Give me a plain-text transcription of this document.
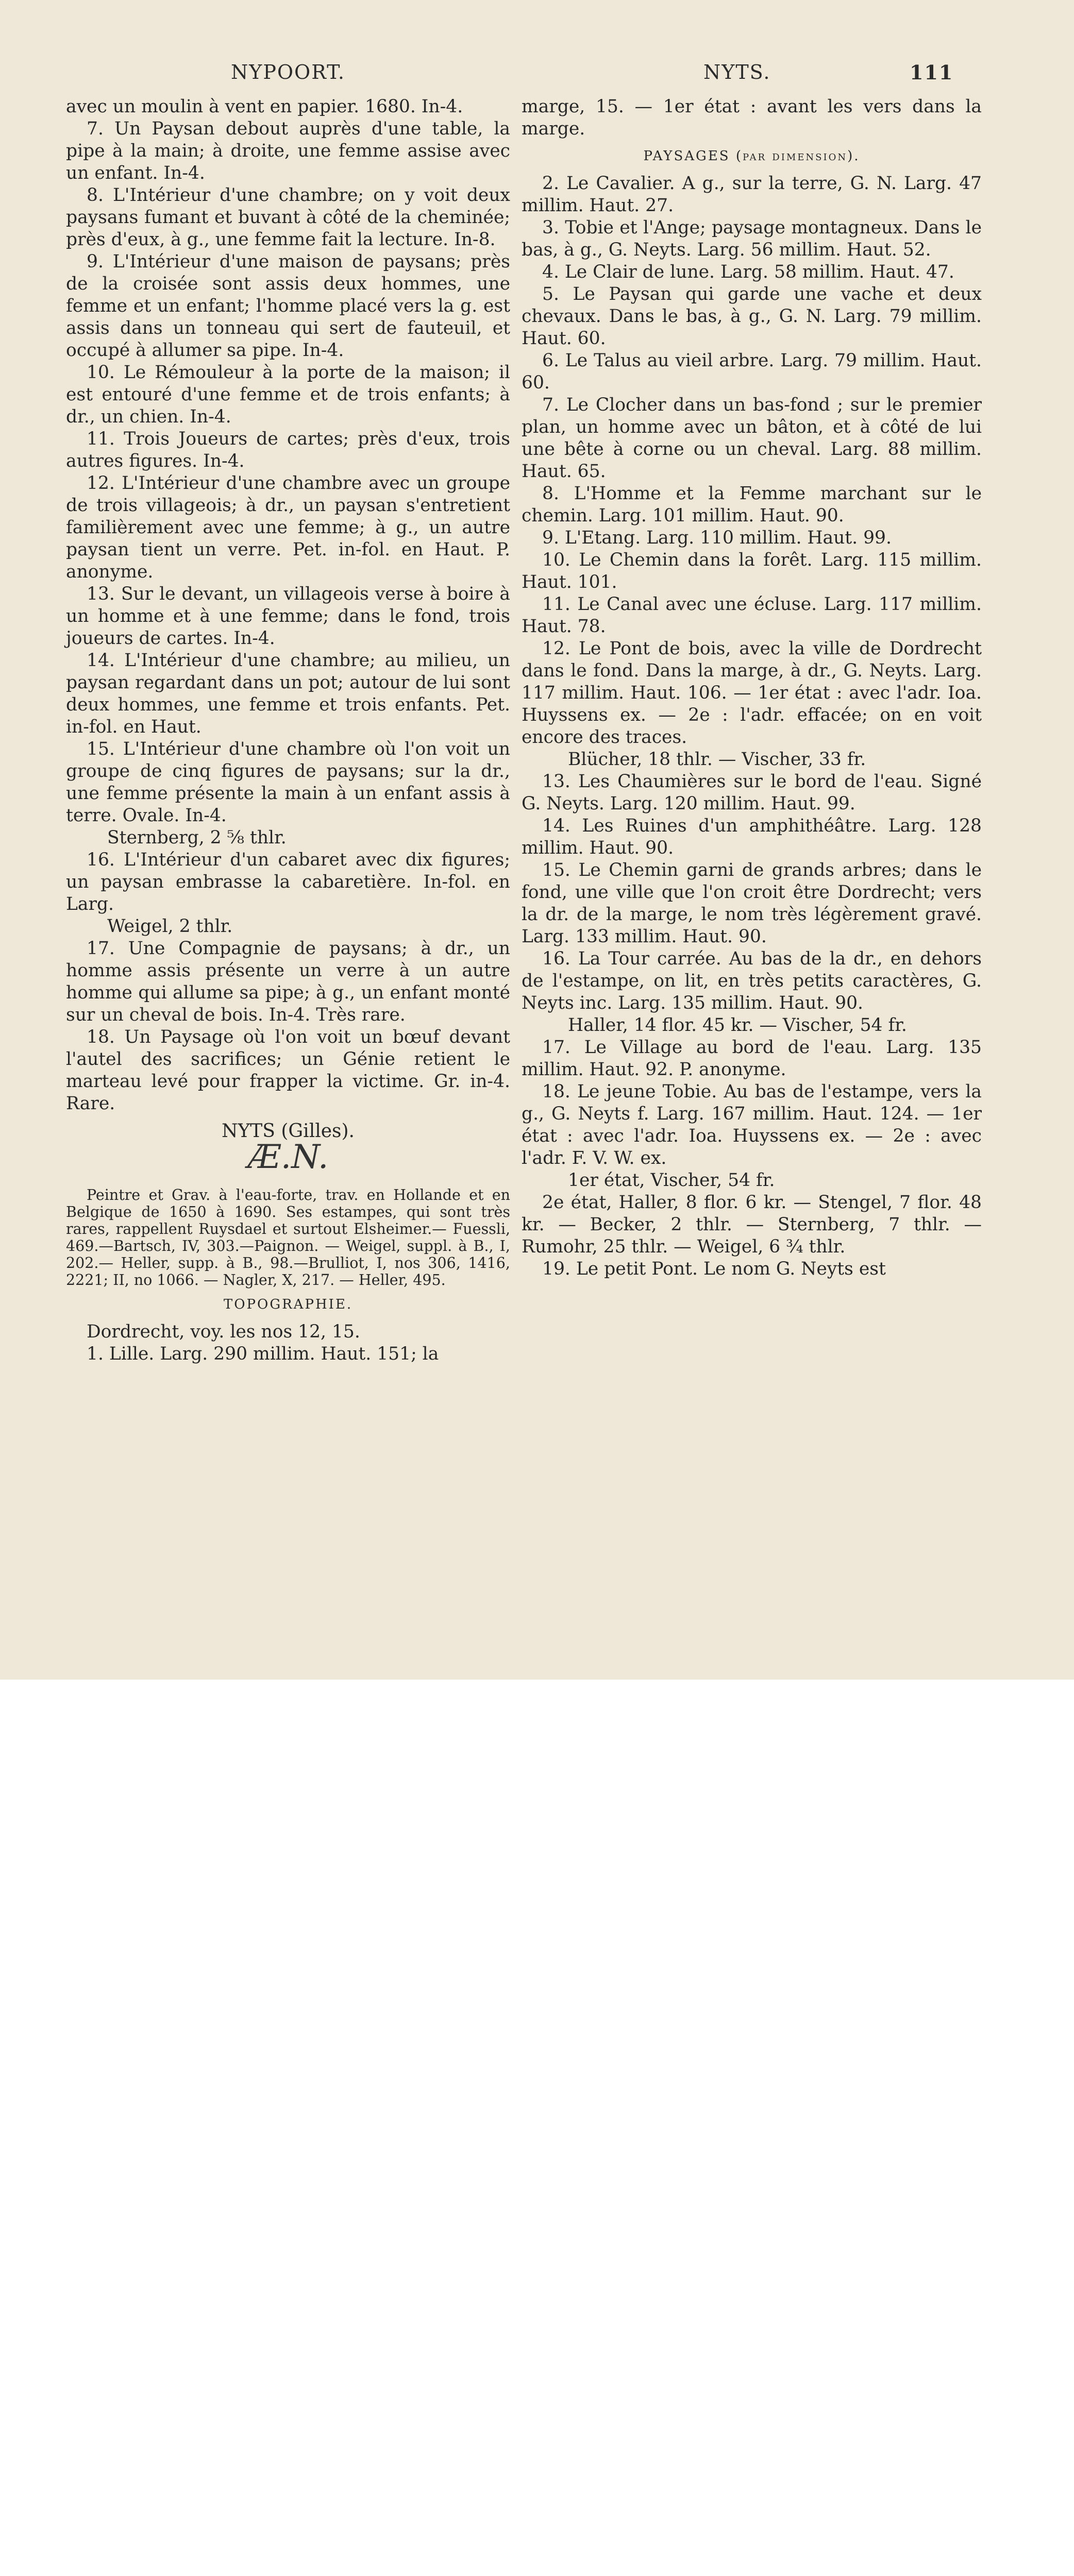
NYPOORT.	NYTS.	111

avec un moulin à vent en papier. 1680. In-4.

7. Un Paysan debout auprès d'une table, la pipe à la main; à droite, une femme assise avec un enfant. In-4.

8. L'Intérieur d'une chambre; on y voit deux paysans fumant et buvant à côté de la cheminée; près d'eux, à g., une femme fait la lecture. In-8.

9. L'Intérieur d'une maison de paysans; près de la croisée sont assis deux hommes, une femme et un enfant; l'homme placé vers la g. est assis dans un tonneau qui sert de fauteuil, et occupé à allumer sa pipe. In-4.

10. Le Rémouleur à la porte de la maison; il est entouré d'une femme et de trois enfants; à dr., un chien. In-4.

11. Trois Joueurs de cartes; près d'eux, trois autres figures. In-4.

12. L'Intérieur d'une chambre avec un groupe de trois villageois; à dr., un paysan s'entretient familièrement avec une femme; à g., un autre paysan tient un verre. Pet. in-fol. en Haut. P. anonyme.

13. Sur le devant, un villageois verse à boire à un homme et à une femme; dans le fond, trois joueurs de cartes. In-4.

14. L'Intérieur d'une chambre; au milieu, un paysan regardant dans un pot; autour de lui sont deux hommes, une femme et trois enfants. Pet. in-fol. en Haut.

15. L'Intérieur d'une chambre où l'on voit un groupe de cinq figures de paysans; sur la dr., une femme présente la main à un enfant assis à terre. Ovale. In-4.

Sternberg, 2 ⅝ thlr.

16. L'Intérieur d'un cabaret avec dix figures; un paysan embrasse la cabaretière. In-fol. en Larg.

Weigel, 2 thlr.

17. Une Compagnie de paysans; à dr., un homme assis présente un verre à un autre homme qui allume sa pipe; à g., un enfant monté sur un cheval de bois. In-4. Très rare.

18. Un Paysage où l'on voit un bœuf devant l'autel des sacrifices; un Génie retient le marteau levé pour frapper la victime. Gr. in-4. Rare.

NYTS (Gilles).

Æ.N.

Peintre et Grav. à l'eau-forte, trav. en Hollande et en Belgique de 1650 à 1690. Ses estampes, qui sont très rares, rappellent Ruysdael et surtout Elsheimer.— Fuessli, 469.—Bartsch, IV, 303.—Paignon. — Weigel, suppl. à B., I, 202.— Heller, supp. à B., 98.—Brulliot, I, nos 306, 1416, 2221; II, no 1066. — Nagler, X, 217. — Heller, 495.

TOPOGRAPHIE.

Dordrecht, voy. les nos 12, 15.

1. Lille. Larg. 290 millim. Haut. 151; la

marge, 15. — 1er état : avant les vers dans la marge.

PAYSAGES (par dimension).

2. Le Cavalier. A g., sur la terre, G. N. Larg. 47 millim. Haut. 27.

3. Tobie et l'Ange; paysage montagneux. Dans le bas, à g., G. Neyts. Larg. 56 millim. Haut. 52.

4. Le Clair de lune. Larg. 58 millim. Haut. 47.

5. Le Paysan qui garde une vache et deux chevaux. Dans le bas, à g., G. N. Larg. 79 millim. Haut. 60.

6. Le Talus au vieil arbre. Larg. 79 millim. Haut. 60.

7. Le Clocher dans un bas-fond ; sur le premier plan, un homme avec un bâton, et à côté de lui une bête à corne ou un cheval. Larg. 88 millim. Haut. 65.

8. L'Homme et la Femme marchant sur le chemin. Larg. 101 millim. Haut. 90.

9. L'Etang. Larg. 110 millim. Haut. 99.

10. Le Chemin dans la forêt. Larg. 115 millim. Haut. 101.

11. Le Canal avec une écluse. Larg. 117 millim. Haut. 78.

12. Le Pont de bois, avec la ville de Dordrecht dans le fond. Dans la marge, à dr., G. Neyts. Larg. 117 millim. Haut. 106. — 1er état : avec l'adr. Ioa. Huyssens ex. — 2e : l'adr. effacée; on en voit encore des traces.

Blücher, 18 thlr. — Vischer, 33 fr.

13. Les Chaumières sur le bord de l'eau. Signé G. Neyts. Larg. 120 millim. Haut. 99.

14. Les Ruines d'un amphithéâtre. Larg. 128 millim. Haut. 90.

15. Le Chemin garni de grands arbres; dans le fond, une ville que l'on croit être Dordrecht; vers la dr. de la marge, le nom très légèrement gravé. Larg. 133 millim. Haut. 90.

16. La Tour carrée. Au bas de la dr., en dehors de l'estampe, on lit, en très petits caractères, G. Neyts inc. Larg. 135 millim. Haut. 90.

Haller, 14 flor. 45 kr. — Vischer, 54 fr.

17. Le Village au bord de l'eau. Larg. 135 millim. Haut. 92. P. anonyme.

18. Le jeune Tobie. Au bas de l'estampe, vers la g., G. Neyts f. Larg. 167 millim. Haut. 124. — 1er état : avec l'adr. Ioa. Huyssens ex. — 2e : avec l'adr. F. V. W. ex.

1er état, Vischer, 54 fr.

2e état, Haller, 8 flor. 6 kr. — Stengel, 7 flor. 48 kr. — Becker, 2 thlr. — Sternberg, 7 thlr. — Rumohr, 25 thlr. — Weigel, 6 ¾ thlr.

19. Le petit Pont. Le nom G. Neyts est
